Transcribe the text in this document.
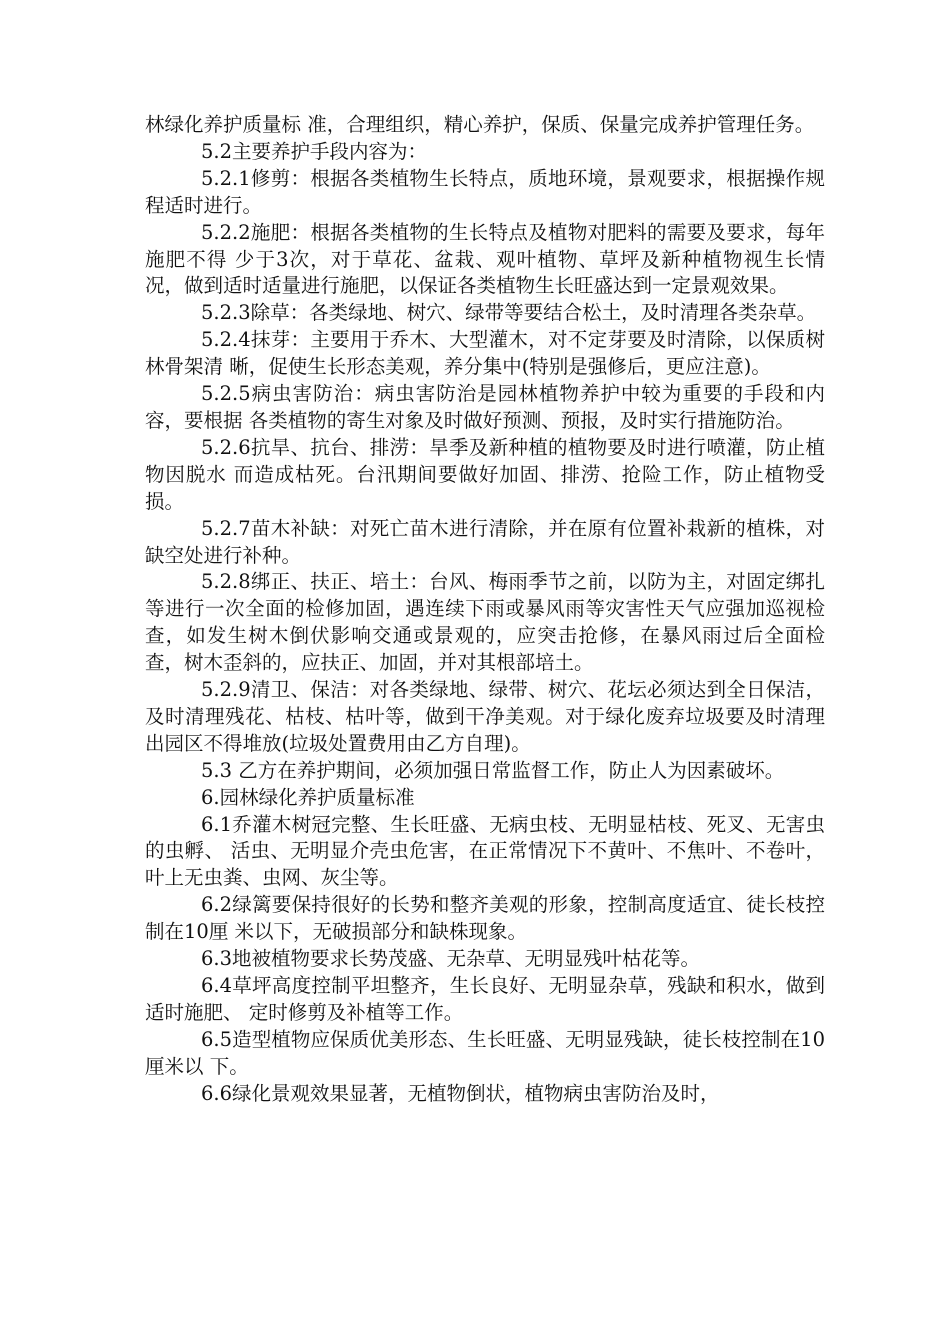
林绿化养护质量标 准，合理组织，精心养护，保质、保量完成养护管理任务。

5.2主要养护手段内容为：

5.2.1修剪：根据各类植物生长特点，质地环境，景观要求，根据操作规程适时进行。

5.2.2施肥：根据各类植物的生长特点及植物对肥料的需要及要求，每年施肥不得 少于3次，对于草花、盆栽、观叶植物、草坪及新种植物视生长情况，做到适时适量进行施肥，以保证各类植物生长旺盛达到一定景观效果。

5.2.3除草：各类绿地、树穴、绿带等要结合松土，及时清理各类杂草。

5.2.4抹芽：主要用于乔木、大型灌木，对不定芽要及时清除，以保质树林骨架清 晰，促使生长形态美观，养分集中(特别是强修后，更应注意)。

5.2.5病虫害防治：病虫害防治是园林植物养护中较为重要的手段和内容，要根据 各类植物的寄生对象及时做好预测、预报，及时实行措施防治。

5.2.6抗旱、抗台、排涝：旱季及新种植的植物要及时进行喷灌，防止植物因脱水 而造成枯死。台汛期间要做好加固、排涝、抢险工作，防止植物受损。

5.2.7苗木补缺：对死亡苗木进行清除，并在原有位置补栽新的植株，对缺空处进行补种。

5.2.8绑正、扶正、培土：台风、梅雨季节之前，以防为主，对固定绑扎等进行一次全面的检修加固，遇连续下雨或暴风雨等灾害性天气应强加巡视检查，如发生树木倒伏影响交通或景观的，应突击抢修，在暴风雨过后全面检查，树木歪斜的，应扶正、加固，并对其根部培土。

5.2.9清卫、保洁：对各类绿地、绿带、树穴、花坛必须达到全日保洁，及时清理残花、枯枝、枯叶等，做到干净美观。对于绿化废弃垃圾要及时清理出园区不得堆放(垃圾处置费用由乙方自理)。

5.3 乙方在养护期间，必须加强日常监督工作，防止人为因素破坏。

6.园林绿化养护质量标准

6.1乔灌木树冠完整、生长旺盛、无病虫枝、无明显枯枝、死叉、无害虫的虫孵、 活虫、无明显介壳虫危害，在正常情况下不黄叶、不焦叶、不卷叶，叶上无虫粪、虫网、灰尘等。

6.2绿篱要保持很好的长势和整齐美观的形象，控制高度适宜、徒长枝控制在10厘 米以下，无破损部分和缺株现象。

6.3地被植物要求长势茂盛、无杂草、无明显残叶枯花等。

6.4草坪高度控制平坦整齐，生长良好、无明显杂草，残缺和积水，做到适时施肥、 定时修剪及补植等工作。

6.5造型植物应保质优美形态、生长旺盛、无明显残缺，徒长枝控制在10厘米以 下。

6.6绿化景观效果显著，无植物倒状，植物病虫害防治及时，
